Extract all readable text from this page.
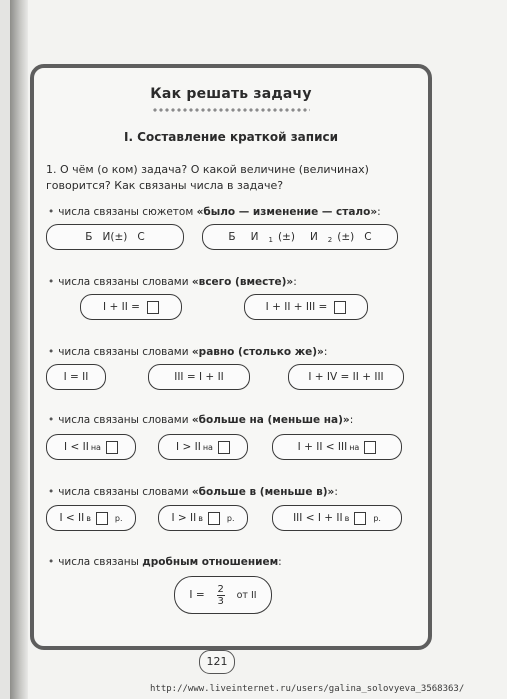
Как решать задачу
I. Составление краткой записи
1. О чём (о ком) задача? О какой величине (величинах) говорится? Как связаны числа в задаче?
• числа связаны сюжетом «было — изменение — стало»:
Б И(±) С	Б	И $_1$ (±)	И $_2$ (±) С
• числа связаны словами «всего (вместе)»:
I + II =	I + II + III =
• числа связаны словами «равно (столько же)»:
I = II	III = I + II	I + IV = II + III
• числа связаны словами «больше на (меньше на)»:
I < II на	I > II на	I + II < III на
• числа связаны словами «больше в (меньше в)»:
I < II в	р.	I > II в	р.	III < I + II в	р.
• числа связаны дробным отношением:
$I = \frac{2}{3}$ от II
121
http://www.liveinternet.ru/users/galina_solovyeva_3568363/
